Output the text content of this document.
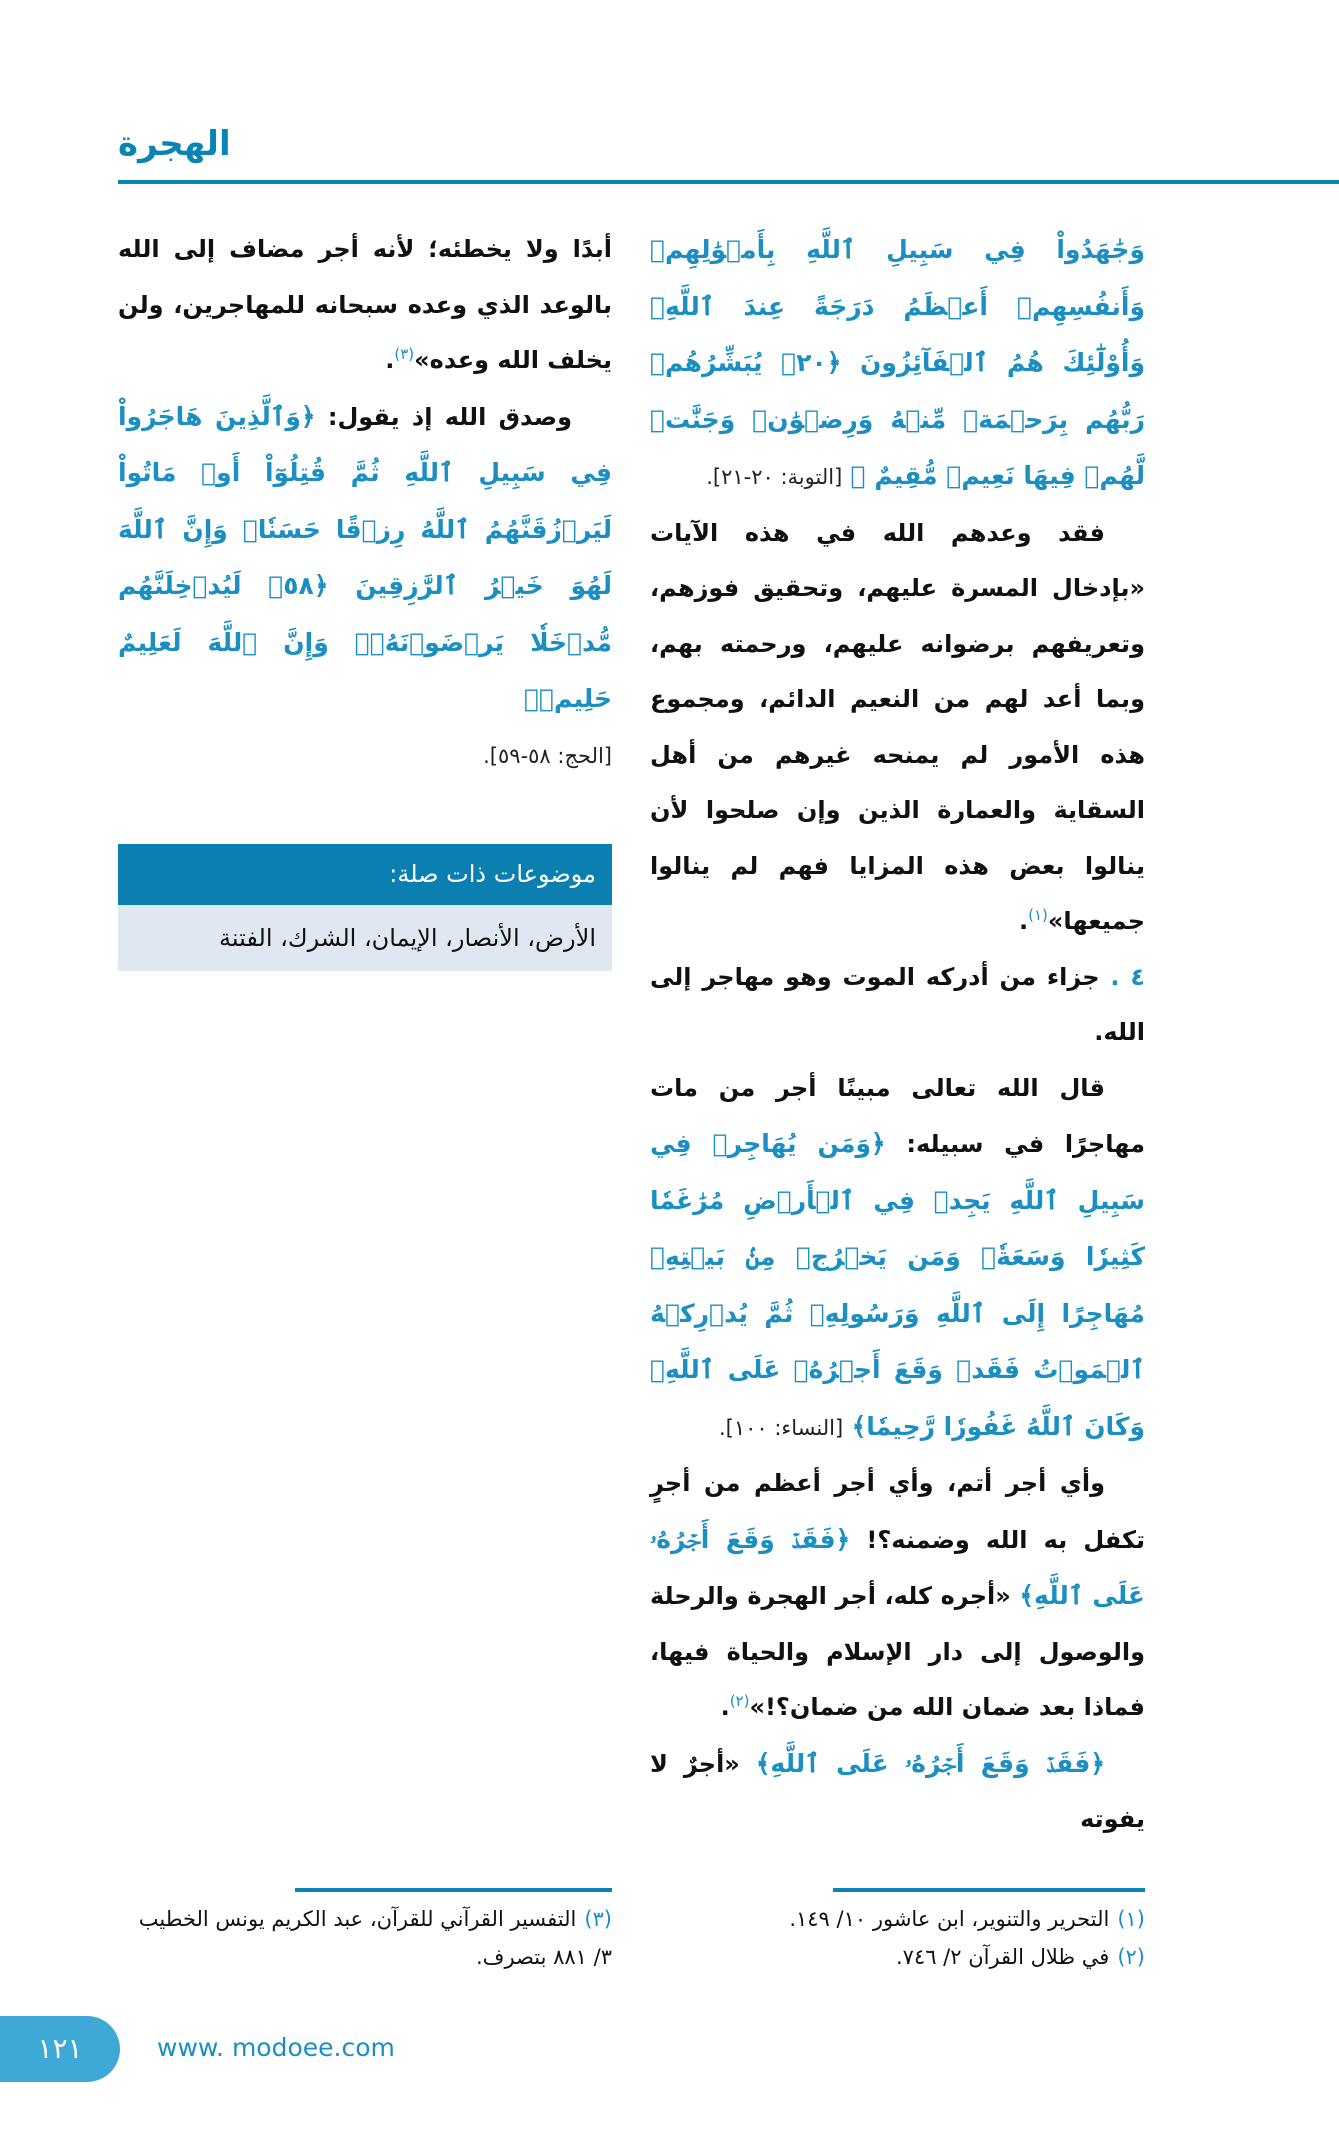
الهجرة

وَجَٰهَدُواْ فِي سَبِيلِ ٱللَّهِ بِأَمۡوَٰلِهِمۡ وَأَنفُسِهِمۡ أَعۡظَمُ دَرَجَةً عِندَ ٱللَّهِۚ وَأُوْلَٰٓئِكَ هُمُ ٱلۡفَآئِزُونَ ﴿٢٠﴾ يُبَشِّرُهُمۡ رَبُّهُم بِرَحۡمَةٖ مِّنۡهُ وَرِضۡوَٰنٖ وَجَنَّٰتٖ لَّهُمۡ فِيهَا نَعِيمٞ مُّقِيمٌ ﴾ [التوبة: ٢٠-٢١].

فقد وعدهم الله في هذه الآيات «بإدخال المسرة عليهم، وتحقيق فوزهم، وتعريفهم برضوانه عليهم، ورحمته بهم، وبما أعد لهم من النعيم الدائم، ومجموع هذه الأمور لم يمنحه غيرهم من أهل السقاية والعمارة الذين وإن صلحوا لأن ينالوا بعض هذه المزايا فهم لم ينالوا جميعها»$^{(١)}$.

٤ . جزاء من أدركه الموت وهو مهاجر إلى الله.

قال الله تعالى مبينًا أجر من مات مهاجرًا في سبيله: ﴿وَمَن يُهَاجِرۡ فِي سَبِيلِ ٱللَّهِ يَجِدۡ فِي ٱلۡأَرۡضِ مُرَٰغَمٗا كَثِيرٗا وَسَعَةٗۚ وَمَن يَخۡرُجۡ مِنۢ بَيۡتِهِۦ مُهَاجِرًا إِلَى ٱللَّهِ وَرَسُولِهِۦ ثُمَّ يُدۡرِكۡهُ ٱلۡمَوۡتُ فَقَدۡ وَقَعَ أَجۡرُهُۥ عَلَى ٱللَّهِۗ وَكَانَ ٱللَّهُ غَفُورٗا رَّحِيمٗا﴾ [النساء: ١٠٠].

وأي أجر أتم، وأي أجر أعظم من أجرٍ تكفل به الله وضمنه؟! ﴿فَقَدۡ وَقَعَ أَجۡرُهُۥ عَلَى ٱللَّهِ﴾ «أجره كله، أجر الهجرة والرحلة والوصول إلى دار الإسلام والحياة فيها، فماذا بعد ضمان الله من ضمان؟!»$^{(٢)}$.

﴿فَقَدۡ وَقَعَ أَجۡرُهُۥ عَلَى ٱللَّهِ﴾ «أجرٌ لا يفوته

أبدًا ولا يخطئه؛ لأنه أجر مضاف إلى الله بالوعد الذي وعده سبحانه للمهاجرين، ولن يخلف الله وعده»$^{(٣)}$.

وصدق الله إذ يقول: ﴿وَٱلَّذِينَ هَاجَرُواْ فِي سَبِيلِ ٱللَّهِ ثُمَّ قُتِلُوٓاْ أَوۡ مَاتُواْ لَيَرۡزُقَنَّهُمُ ٱللَّهُ رِزۡقًا حَسَنٗاۚ وَإِنَّ ٱللَّهَ لَهُوَ خَيۡرُ ٱلرَّٰزِقِينَ ﴿٥٨﴾ لَيُدۡخِلَنَّهُم مُّدۡخَلٗا يَرۡضَوۡنَهُۥۚ وَإِنَّ ٱللَّهَ لَعَلِيمٌ حَلِيمٞ﴾

[الحج: ٥٨-٥٩].

موضوعات ذات صلة:
الأرض، الأنصار، الإيمان، الشرك، الفتنة
(١)التحرير والتنوير، ابن عاشور ١٠/ ١٤٩.
(٢)في ظلال القرآن ٢/ ٧٤٦.
(٣)التفسير القرآني للقرآن، عبد الكريم يونس الخطيب ٣/ ٨٨١ بتصرف.
١٢١	www. modoee.com
